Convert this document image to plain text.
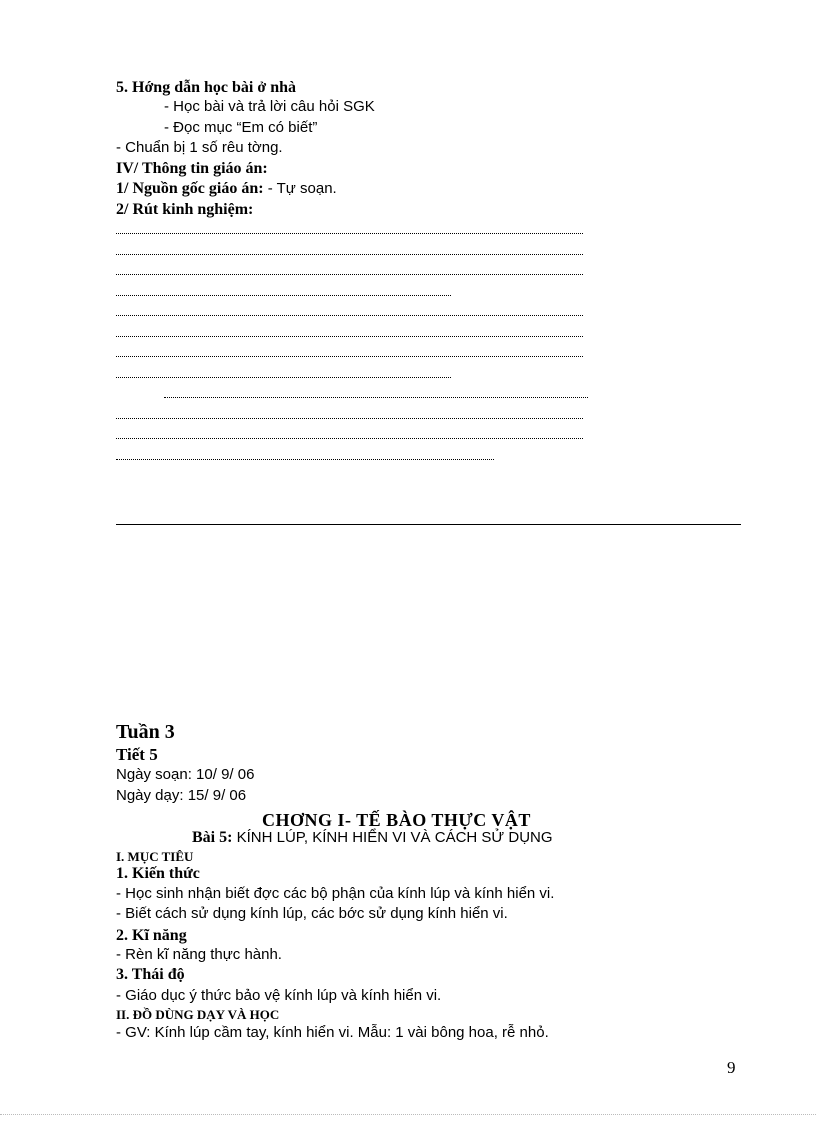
5. Hớng dẫn học bài ở nhà
- Học bài và trả lời câu hỏi SGK
- Đọc mục “Em có biết”
- Chuẩn bị 1 số rêu tờng.
IV/ Thông tin giáo án:
1/ Nguồn gốc giáo án: - Tự soạn.
2/ Rút kinh nghiệm:
Tuần 3
Tiết 5
Ngày soạn: 10/ 9/ 06
Ngày dạy: 15/ 9/ 06
CHƠNG I- TẾ BÀO THỰC VẬT
Bài 5: KÍNH LÚP, KÍNH HIỂN VI VÀ CÁCH SỬ DỤNG
I. MỤC TIÊU
1. Kiến thức
- Học sinh nhận biết đợc các bộ phận của kính lúp và kính hiển vi.
- Biết cách sử dụng kính lúp, các bớc sử dụng kính hiển vi.
2. Kĩ năng
- Rèn kĩ năng thực hành.
3. Thái độ
- Giáo dục ý thức bảo vệ kính lúp và kính hiển vi.
II. ĐỒ DÙNG DẠY VÀ HỌC
- GV: Kính lúp cầm tay, kính hiển vi. Mẫu: 1 vài bông hoa, rễ nhỏ.
9
